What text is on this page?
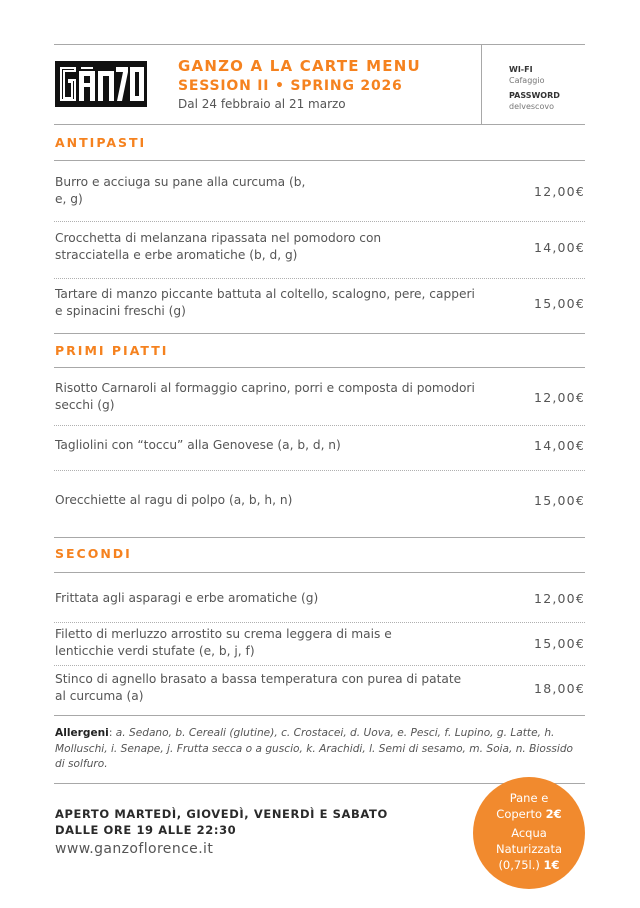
GANZO A LA CARTE MENU
SESSION II • SPRING 2026
Dal 24 febbraio al 21 marzo
WI-FI
Cafaggio
PASSWORD
delvescovo
ANTIPASTI
Burro e acciuga su pane alla curcuma (b, e, g)
12,00€
Crocchetta di melanzana ripassata nel pomodoro con stracciatella e erbe aromatiche (b, d, g)
14,00€
Tartare di manzo piccante battuta al coltello, scalogno, pere, capperi e spinacini freschi (g)
15,00€
PRIMI PIATTI
Risotto Carnaroli al formaggio caprino, porri e composta di pomodori secchi (g)
12,00€
Tagliolini con “toccu” alla Genovese (a, b, d, n)	14,00€
Orecchiette al ragu di polpo (a, b, h, n)	15,00€
SECONDI
Frittata agli asparagi e erbe aromatiche (g)	12,00€
Filetto di merluzzo arrostito su crema leggera di mais e lenticchie verdi stufate (e, b, j, f)
15,00€
Stinco di agnello brasato a bassa temperatura con purea di patate al curcuma (a)
18,00€
Allergeni: a. Sedano, b. Cereali (glutine), c. Crostacei, d. Uova, e. Pesci, f. Lupino, g. Latte, h. Molluschi, i. Senape, j. Frutta secca o a guscio, k. Arachidi, l. Semi di sesamo, m. Soia, n. Biossido di solfuro.
APERTO MARTEDÌ, GIOVEDÌ, VENERDÌ E SABATO
DALLE ORE 19 ALLE 22:30
www.ganzoflorence.it
Pane e
Coperto 2€
Acqua
Naturizzata
(0,75l.) 1€
